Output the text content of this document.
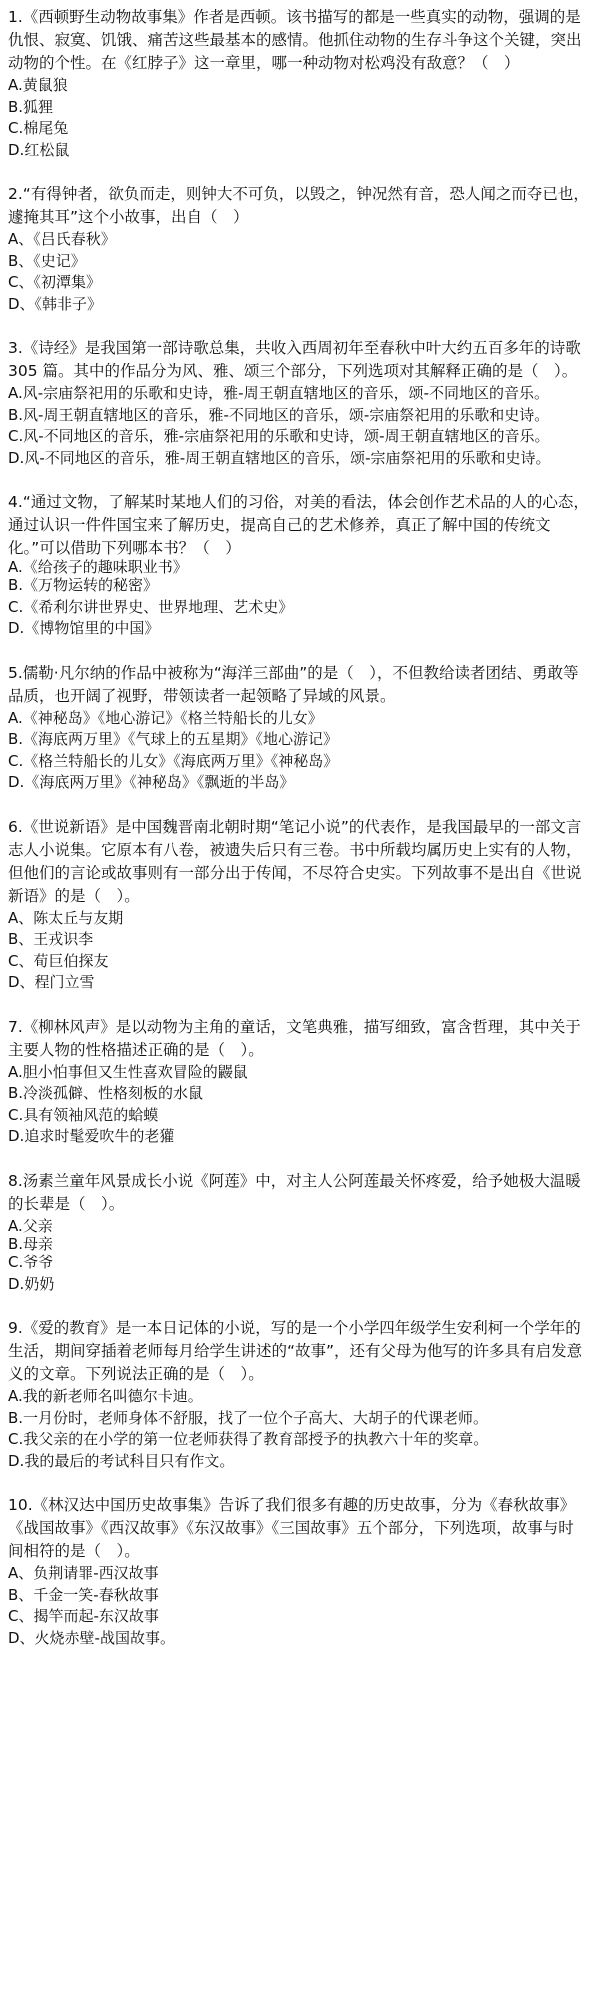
1.《西顿野生动物故事集》作者是西顿。该书描写的都是一些真实的动物，强调的是仇恨、寂寞、饥饿、痛苦这些最基本的感情。他抓住动物的生存斗争这个关键，突出动物的个性。在《红脖子》这一章里，哪一种动物对松鸡没有敌意？（　）

A.黄鼠狼

B.狐狸

C.棉尾兔

D.红松鼠

2.“有得钟者，欲负而走，则钟大不可负，以毁之，钟况然有音，恐人闻之而夺已也，遽掩其耳”这个小故事，出自（　）

A、《吕氏春秋》

B、《史记》

C、《初潭集》

D、《韩非子》

3.《诗经》是我国第一部诗歌总集，共收入西周初年至春秋中叶大约五百多年的诗歌 305 篇。其中的作品分为风、雅、颂三个部分，下列选项对其解释正确的是（　）。

A.风-宗庙祭祀用的乐歌和史诗，雅-周王朝直辖地区的音乐，颂-不同地区的音乐。

B.风-周王朝直辖地区的音乐，雅-不同地区的音乐，颂-宗庙祭祀用的乐歌和史诗。

C.风-不同地区的音乐，雅-宗庙祭祀用的乐歌和史诗，颂-周王朝直辖地区的音乐。

D.风-不同地区的音乐，雅-周王朝直辖地区的音乐，颂-宗庙祭祀用的乐歌和史诗。

4.“通过文物，了解某时某地人们的习俗，对美的看法，体会创作艺术品的人的心态，通过认识一件件国宝来了解历史，提高自己的艺术修养，真正了解中国的传统文化。”可以借助下列哪本书？（　）

A.《给孩子的趣味职业书》

B.《万物运转的秘密》

C.《希利尔讲世界史、世界地理、艺术史》

D.《博物馆里的中国》

5.儒勒·凡尔纳的作品中被称为“海洋三部曲”的是（　），不但教给读者团结、勇敢等品质，也开阔了视野，带领读者一起领略了异域的风景。

A.《神秘岛》《地心游记》《格兰特船长的儿女》

B.《海底两万里》《气球上的五星期》《地心游记》

C.《格兰特船长的儿女》《海底两万里》《神秘岛》

D.《海底两万里》《神秘岛》《飘逝的半岛》

6.《世说新语》是中国魏晋南北朝时期“笔记小说”的代表作，是我国最早的一部文言志人小说集。它原本有八卷，被遗失后只有三卷。书中所载均属历史上实有的人物，但他们的言论或故事则有一部分出于传闻，不尽符合史实。下列故事不是出自《世说新语》的是（　）。

A、陈太丘与友期

B、王戎识李

C、荀巨伯探友

D、程门立雪

7.《柳林风声》是以动物为主角的童话，文笔典雅，描写细致，富含哲理，其中关于主要人物的性格描述正确的是（　）。

A.胆小怕事但又生性喜欢冒险的鼹鼠

B.冷淡孤僻、性格刻板的水鼠

C.具有领袖风范的蛤蟆

D.追求时髦爱吹牛的老獾

8.汤素兰童年风景成长小说《阿莲》中，对主人公阿莲最关怀疼爱，给予她极大温暖的长辈是（　）。

A.父亲

B.母亲

C.爷爷

D.奶奶

9.《爱的教育》是一本日记体的小说，写的是一个小学四年级学生安利柯一个学年的生活，期间穿插着老师每月给学生讲述的“故事”，还有父母为他写的许多具有启发意义的文章。下列说法正确的是（　）。

A.我的新老师名叫德尔卡迪。

B.一月份时，老师身体不舒服，找了一位个子高大、大胡子的代课老师。

C.我父亲的在小学的第一位老师获得了教育部授予的执教六十年的奖章。

D.我的最后的考试科目只有作文。

10.《林汉达中国历史故事集》告诉了我们很多有趣的历史故事，分为《春秋故事》《战国故事》《西汉故事》《东汉故事》《三国故事》五个部分，下列选项，故事与时间相符的是（　）。

A、负荆请罪-西汉故事

B、千金一笑-春秋故事

C、揭竿而起-东汉故事

D、火烧赤壁-战国故事。
